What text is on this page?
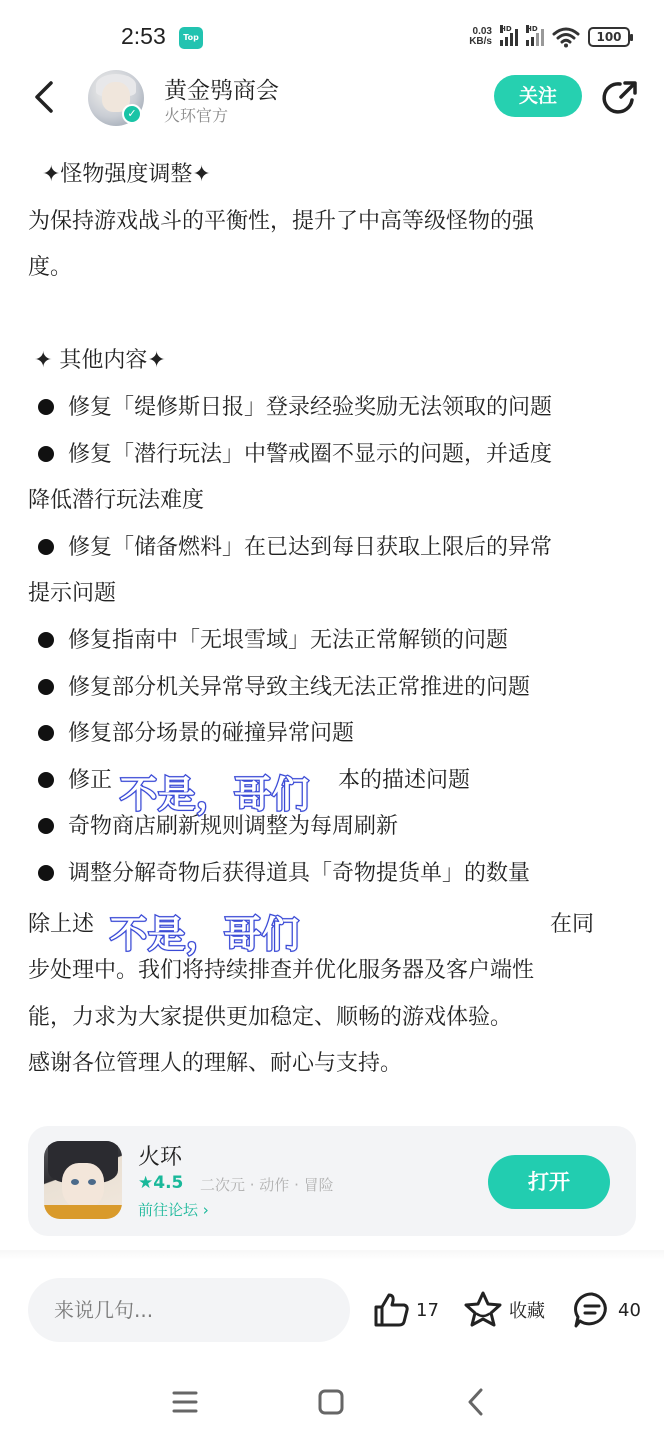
2:53	Top
0.03
KB/s
HD HD
100
✓
黄金鸮商会
火环官方
关注
✦怪物强度调整✦
为保持游戏战斗的平衡性，提升了中高等级怪物的强
度。
✦ 其他内容✦
修复「缇修斯日报」登录经验奖励无法领取的问题
修复「潜行玩法」中警戒圈不显示的问题，并适度
降低潜行玩法难度
修复「储备燃料」在已达到每日获取上限后的异常
提示问题
修复指南中「无垠雪域」无法正常解锁的问题
修复部分机关异常导致主线无法正常推进的问题
修复部分场景的碰撞异常问题
修正	本的描述问题
奇物商店刷新规则调整为每周刷新
调整分解奇物后获得道具「奇物提货单」的数量
除上述	在同
步处理中。我们将持续排查并优化服务器及客户端性
能，力求为大家提供更加稳定、顺畅的游戏体验。
感谢各位管理人的理解、耐心与支持。
不是，哥们
不是，哥们
火环
★4.5 二次元 · 动作 · 冒险
前往论坛 ›
打开
来说几句...	17	收藏	40
